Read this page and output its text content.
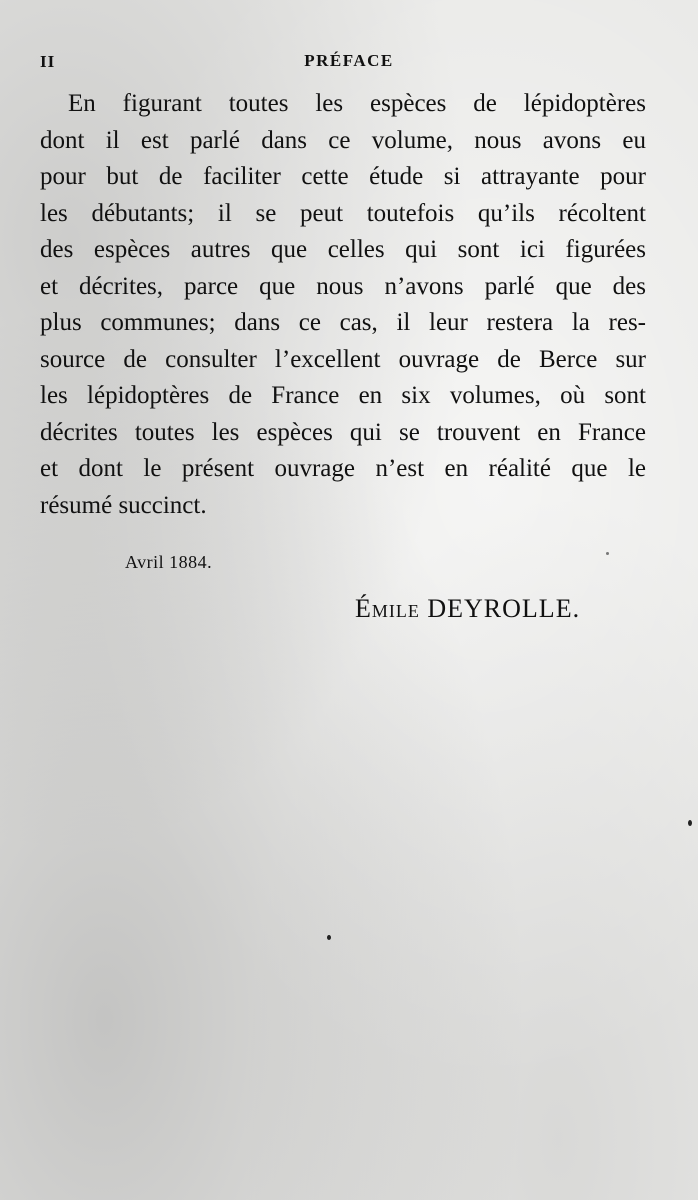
II	PRÉFACE
En figurant toutes les espèces de lépidoptères
dont il est parlé dans ce volume, nous avons eu
pour but de faciliter cette étude si attrayante pour
les débutants; il se peut toutefois qu’ils récoltent
des espèces autres que celles qui sont ici figurées
et décrites, parce que nous n’avons parlé que des
plus communes; dans ce cas, il leur restera la res-
source de consulter l’excellent ouvrage de Berce sur
les lépidoptères de France en six volumes, où sont
décrites toutes les espèces qui se trouvent en France
et dont le présent ouvrage n’est en réalité que le
résumé succinct.
Avril 1884.
Émile DEYROLLE.
